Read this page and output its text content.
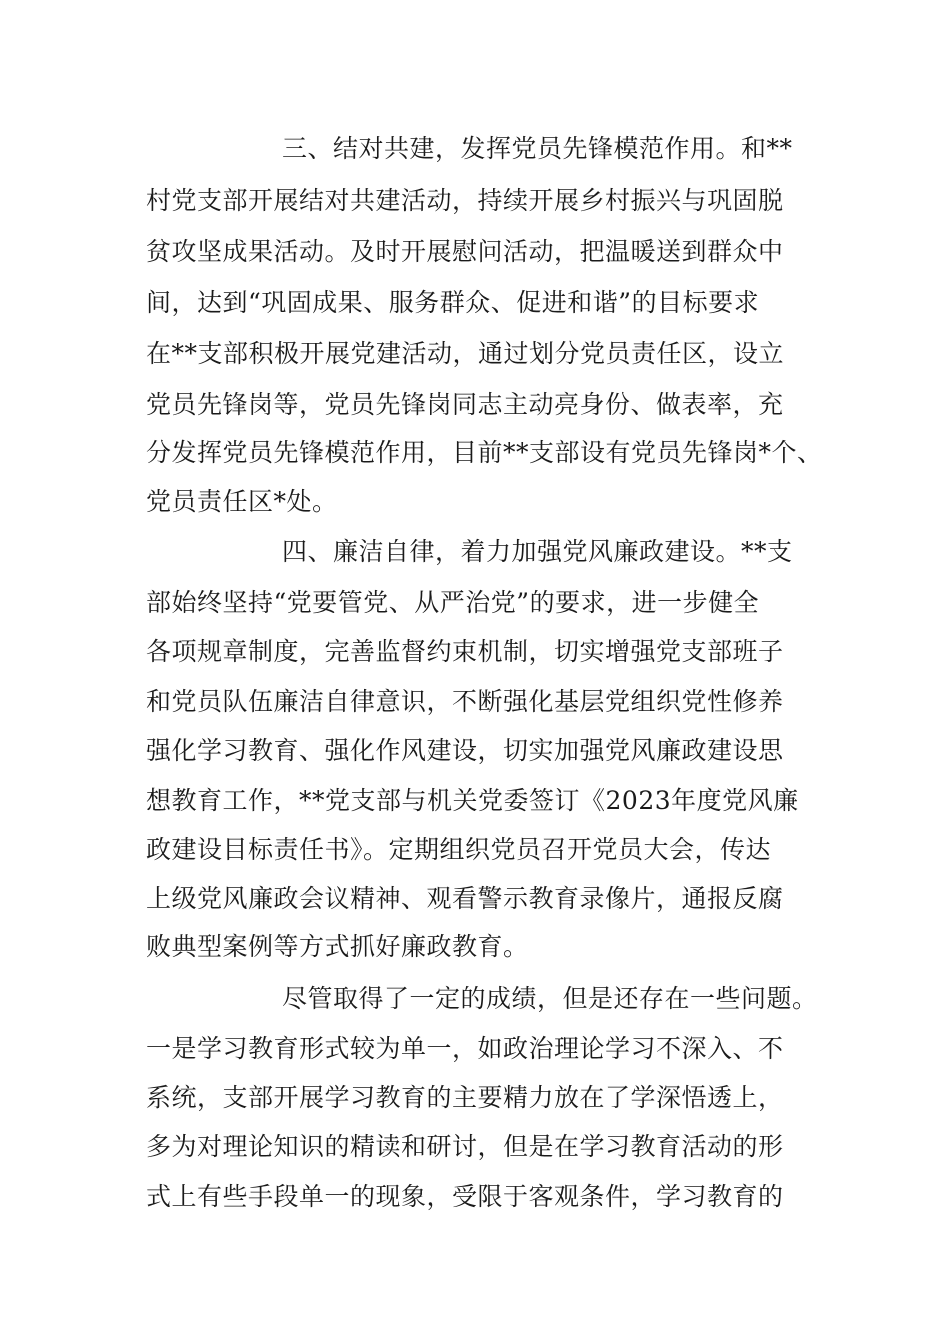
三、结对共建，发挥党员先锋模范作用。和**
村党支部开展结对共建活动，持续开展乡村振兴与巩固脱
贫攻坚成果活动。及时开展慰问活动，把温暖送到群众中
间，达到“巩固成果、服务群众、促进和谐”的目标要求
在**支部积极开展党建活动，通过划分党员责任区，设立
党员先锋岗等，党员先锋岗同志主动亮身份、做表率，充
分发挥党员先锋模范作用，目前**支部设有党员先锋岗*个、
党员责任区*处。
四、廉洁自律，着力加强党风廉政建设。**支
部始终坚持“党要管党、从严治党”的要求，进一步健全
各项规章制度，完善监督约束机制，切实增强党支部班子
和党员队伍廉洁自律意识，不断强化基层党组织党性修养
强化学习教育、强化作风建设，切实加强党风廉政建设思
想教育工作，**党支部与机关党委签订《2023年度党风廉
政建设目标责任书》。定期组织党员召开党员大会，传达
上级党风廉政会议精神、观看警示教育录像片，通报反腐
败典型案例等方式抓好廉政教育。
尽管取得了一定的成绩，但是还存在一些问题。
一是学习教育形式较为单一，如政治理论学习不深入、不
系统，支部开展学习教育的主要精力放在了学深悟透上，
多为对理论知识的精读和研讨，但是在学习教育活动的形
式上有些手段单一的现象，受限于客观条件，学习教育的
